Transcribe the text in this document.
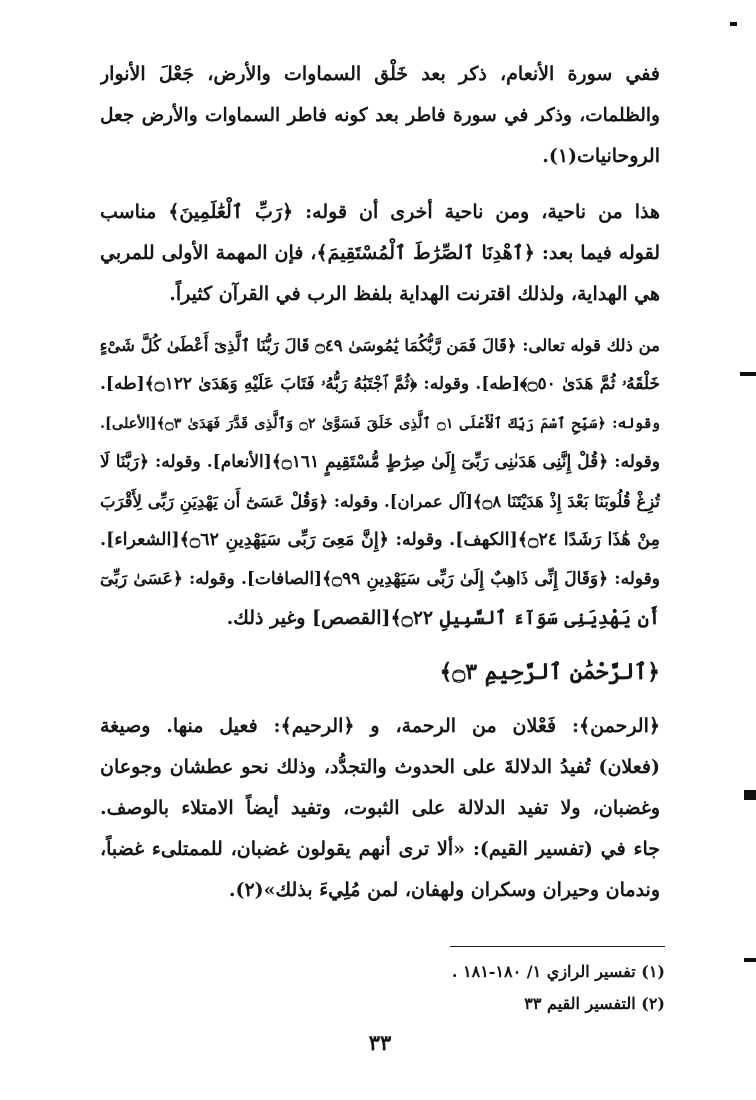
ففي سورة الأنعام، ذكر بعد خَلْق السماوات والأرض، جَعْلَ الأنوار
والظلمات، وذكر في سورة فاطر بعد كونه فاطر السماوات والأرض جعل
الروحانيات(١).
هذا من ناحية، ومن ناحية أخرى أن قوله: ﴿رَبِّ ٱلْعَٰلَمِينَ﴾ مناسب
لقوله فيما بعد: ﴿ٱهْدِنَا ٱلصِّرَٰطَ ٱلْمُسْتَقِيمَ﴾، فإن المهمة الأولى للمربي
هي الهداية، ولذلك اقترنت الهداية بلفظ الرب في القرآن كثيراً.
من ذلك قوله تعالى: ﴿قَالَ فَمَن رَّبُّكُمَا يَٰمُوسَىٰ ۝٤٩ قَالَ رَبُّنَا ٱلَّذِىٓ أَعْطَىٰ كُلَّ شَىْءٍ
خَلْقَهُۥ ثُمَّ هَدَىٰ ۝٥٠﴾[طه]. وقوله: ﴿ثُمَّ ٱجْتَبَٰهُ رَبُّهُۥ فَتَابَ عَلَيْهِ وَهَدَىٰ ۝١٢٢﴾[طه].
وقوله: ﴿سَبِّحِ ٱسْمَ رَبِّكَ ٱلْأَعْلَى ۝١ ٱلَّذِى خَلَقَ فَسَوَّىٰ ۝٢ وَٱلَّذِى قَدَّرَ فَهَدَىٰ ۝٣﴾[الأعلى].
وقوله: ﴿قُلْ إِنَّنِى هَدَىٰنِى رَبِّىٓ إِلَىٰ صِرَٰطٍ مُّسْتَقِيمٍ ۝١٦١﴾[الأنعام]. وقوله: ﴿رَبَّنَا لَا
تُزِغْ قُلُوبَنَا بَعْدَ إِذْ هَدَيْتَنَا ۝٨﴾[آل عمران]. وقوله: ﴿وَقُلْ عَسَىٰٓ أَن يَهْدِيَنِ رَبِّى لِأَقْرَبَ
مِنْ هَٰذَا رَشَدًا ۝٢٤﴾[الكهف]. وقوله: ﴿إِنَّ مَعِىَ رَبِّى سَيَهْدِينِ ۝٦٢﴾[الشعراء].
وقوله: ﴿وَقَالَ إِنِّى ذَاهِبٌ إِلَىٰ رَبِّى سَيَهْدِينِ ۝٩٩﴾[الصافات]. وقوله: ﴿عَسَىٰ رَبِّىٓ
أَن يَهْدِيَنِى سَوَآءَ ٱلسَّبِيلِ ۝٢٢﴾[القصص] وغير ذلك.
﴿ٱلرَّحْمَٰنِ ٱلرَّحِيمِ ۝٣﴾
﴿الرحمن﴾: فَعْلان من الرحمة، و ﴿الرحيم﴾: فعيل منها. وصيغة
(فعلان) تُفيدُ الدلالةَ على الحدوث والتجدُّد، وذلك نحو عطشان وجوعان
وغضبان، ولا تفيد الدلالة على الثبوت، وتفيد أيضاً الامتلاء بالوصف.
جاء في (تفسير القيم): «ألا ترى أنهم يقولون غضبان، للممتلىء غضباً،
وندمان وحيران وسكران ولهفان، لمن مُلِيءَ بذلك»(٢).
(١) تفسير الرازي ١/ ١٨٠-١٨١ .
(٢) التفسير القيم ٣٣
٣٣
